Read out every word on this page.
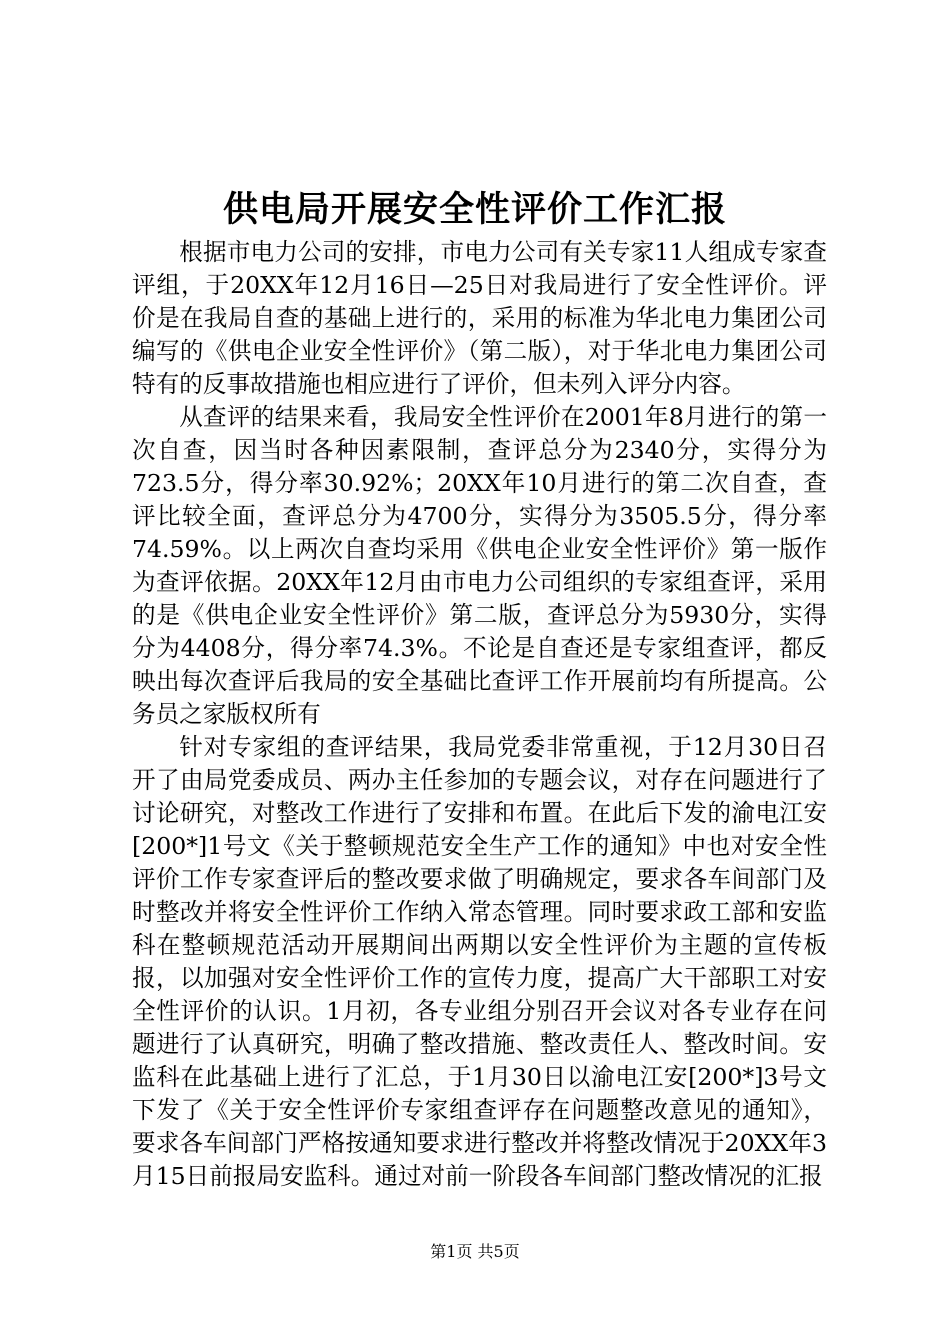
供电局开展安全性评价工作汇报

根据市电力公司的安排，市电力公司有关专家11人组成专家查评组，于20XX年12月16日—25日对我局进行了安全性评价。评价是在我局自查的基础上进行的，采用的标准为华北电力集团公司编写的《供电企业安全性评价》（第二版），对于华北电力集团公司特有的反事故措施也相应进行了评价，但未列入评分内容。

从查评的结果来看，我局安全性评价在2001年8月进行的第一次自查，因当时各种因素限制，查评总分为2340分，实得分为723.5分，得分率30.92%；20XX年10月进行的第二次自查，查评比较全面，查评总分为4700分，实得分为3505.5分，得分率74.59%。以上两次自查均采用《供电企业安全性评价》第一版作为查评依据。20XX年12月由市电力公司组织的专家组查评，采用的是《供电企业安全性评价》第二版，查评总分为5930分，实得分为4408分，得分率74.3%。不论是自查还是专家组查评，都反映出每次查评后我局的安全基础比查评工作开展前均有所提高。公务员之家版权所有

针对专家组的查评结果，我局党委非常重视，于12月30日召开了由局党委成员、两办主任参加的专题会议，对存在问题进行了讨论研究，对整改工作进行了安排和布置。在此后下发的渝电江安[200*]1号文《关于整顿规范安全生产工作的通知》中也对安全性评价工作专家查评后的整改要求做了明确规定，要求各车间部门及时整改并将安全性评价工作纳入常态管理。同时要求政工部和安监科在整顿规范活动开展期间出两期以安全性评价为主题的宣传板报，以加强对安全性评价工作的宣传力度，提高广大干部职工对安全性评价的认识。1月初，各专业组分别召开会议对各专业存在问题进行了认真研究，明确了整改措施、整改责任人、整改时间。安监科在此基础上进行了汇总，于1月30日以渝电江安[200*]3号文下发了《关于安全性评价专家组查评存在问题整改意见的通知》，要求各车间部门严格按通知要求进行整改并将整改情况于20XX年3月15日前报局安监科。通过对前一阶段各车间部门整改情况的汇报

第1页 共5页
